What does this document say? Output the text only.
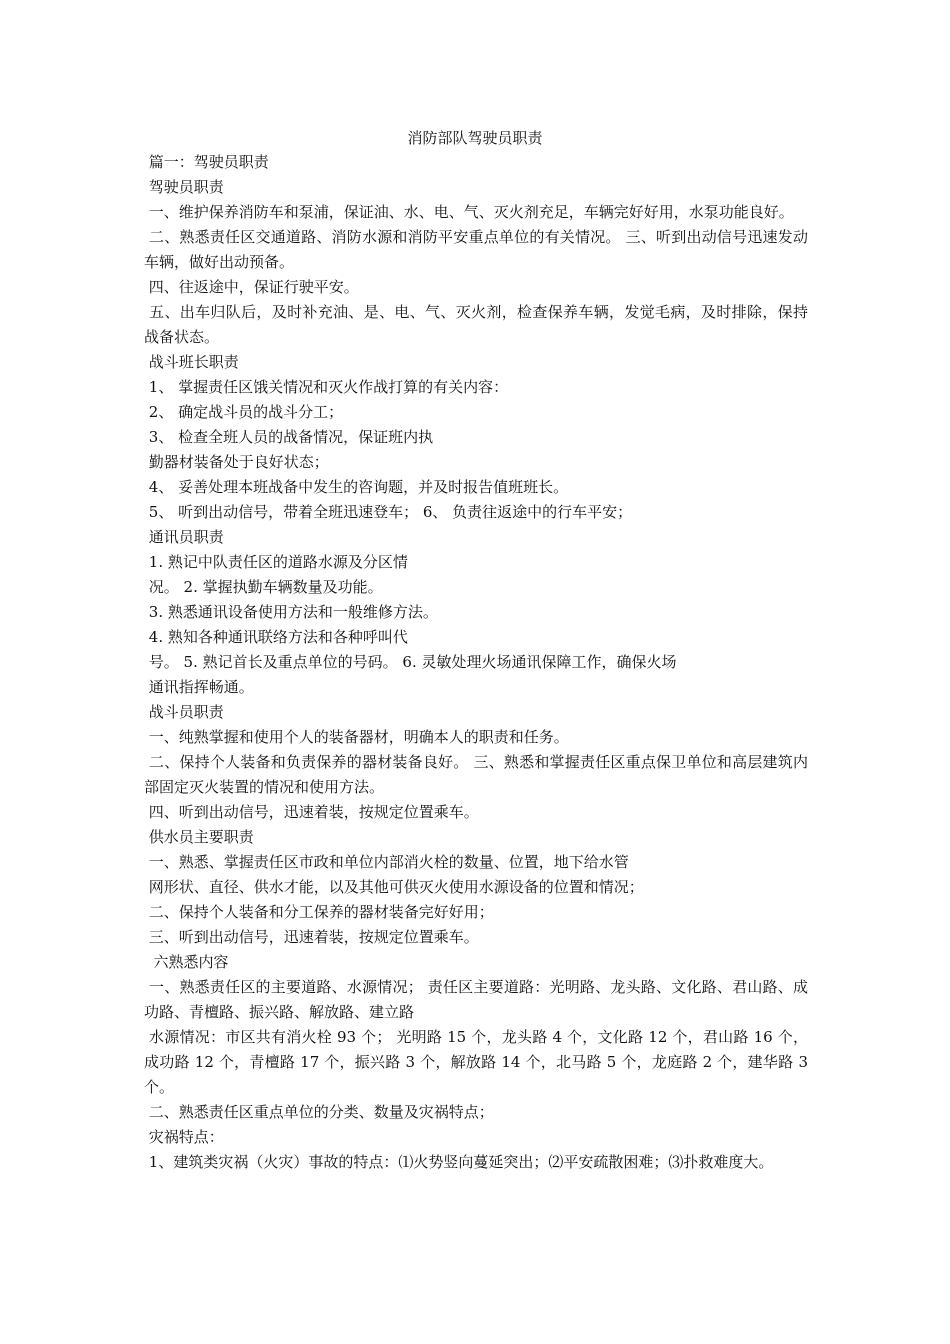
消防部队驾驶员职责

篇一：驾驶员职责

驾驶员职责

一、维护保养消防车和泵浦，保证油、水、电、气、灭火剂充足，车辆完好好用，水泵功能良好。

二、熟悉责任区交通道路、消防水源和消防平安重点单位的有关情况。 三、听到出动信号迅速发动车辆，做好出动预备。

四、往返途中，保证行驶平安。

五、出车归队后，及时补充油、是、电、气、灭火剂，检查保养车辆，发觉毛病，及时排除，保持战备状态。

战斗班长职责

1、 掌握责任区饿关情况和灭火作战打算的有关内容：

2、 确定战斗员的战斗分工；

3、 检查全班人员的战备情况，保证班内执

勤器材装备处于良好状态；

4、 妥善处理本班战备中发生的咨询题，并及时报告值班班长。

5、 听到出动信号，带着全班迅速登车； 6、 负责往返途中的行车平安；

通讯员职责

1. 熟记中队责任区的道路水源及分区情

况。 2. 掌握执勤车辆数量及功能。

3. 熟悉通讯设备使用方法和一般维修方法。

4. 熟知各种通讯联络方法和各种呼叫代

号。 5. 熟记首长及重点单位的号码。 6. 灵敏处理火场通讯保障工作，确保火场

通讯指挥畅通。

战斗员职责

一、纯熟掌握和使用个人的装备器材，明确本人的职责和任务。

二、保持个人装备和负责保养的器材装备良好。 三、熟悉和掌握责任区重点保卫单位和高层建筑内部固定灭火装置的情况和使用方法。

四、听到出动信号，迅速着装，按规定位置乘车。

供水员主要职责

一、熟悉、掌握责任区市政和单位内部消火栓的数量、位置，地下给水管

网形状、直径、供水才能，以及其他可供灭火使用水源设备的位置和情况；

二、保持个人装备和分工保养的器材装备完好好用；

三、听到出动信号，迅速着装，按规定位置乘车。

六熟悉内容

一、熟悉责任区的主要道路、水源情况； 责任区主要道路：光明路、龙头路、文化路、君山路、成功路、青檀路、振兴路、解放路、建立路

水源情况：市区共有消火栓 93 个； 光明路 15 个，龙头路 4 个，文化路 12 个，君山路 16 个，成功路 12 个，青檀路 17 个，振兴路 3 个，解放路 14 个，北马路 5 个，龙庭路 2 个，建华路 3 个。

二、熟悉责任区重点单位的分类、数量及灾祸特点；

灾祸特点：

1、建筑类灾祸（火灾）事故的特点：⑴火势竖向蔓延突出；⑵平安疏散困难；⑶扑救难度大。
